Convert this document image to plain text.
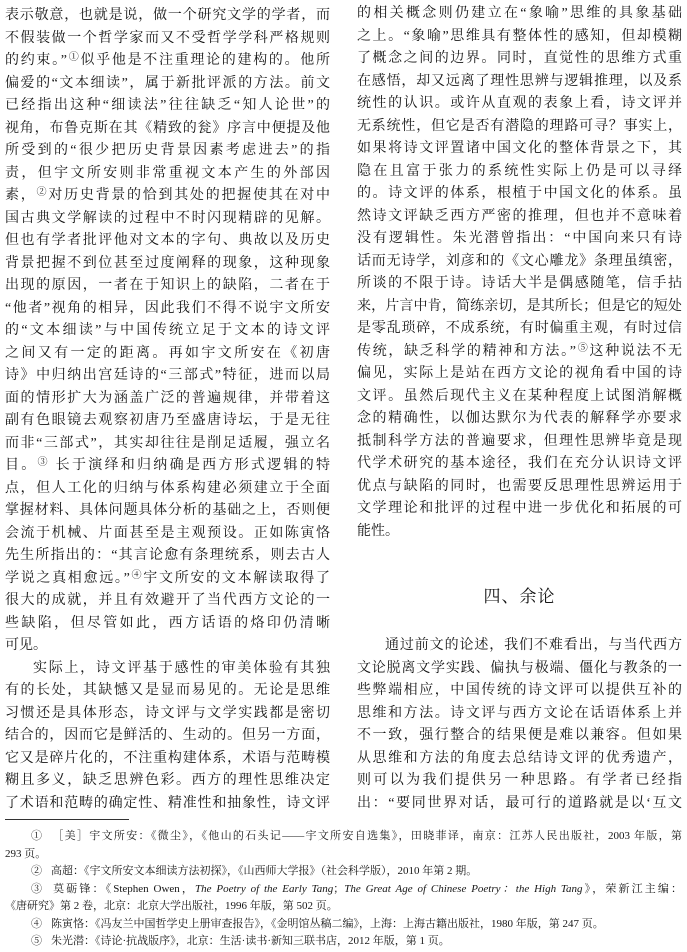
表示敬意，也就是说，做一个研究文学的学者，而
不假装做一个哲学家而又不受哲学学科严格规则
的约束。”①似乎他是不注重理论的建构的。他所
偏爱的“文本细读”，属于新批评派的方法。前文
已经指出这种“细读法”往往缺乏“知人论世”的
视角，布鲁克斯在其《精致的瓮》序言中便提及他
所受到的“很少把历史背景因素考虑进去”的指
责，但宇文所安则非常重视文本产生的外部因
素，②对历史背景的恰到其处的把握使其在对中
国古典文学解读的过程中不时闪现精辟的见解。
但也有学者批评他对文本的字句、典故以及历史
背景把握不到位甚至过度阐释的现象，这种现象
出现的原因，一者在于知识上的缺陷，二者在于
“他者”视角的相异，因此我们不得不说宇文所安
的“文本细读”与中国传统立足于文本的诗文评
之间又有一定的距离。再如宇文所安在《初唐
诗》中归纳出宫廷诗的“三部式”特征，进而以局
面的情形扩大为涵盖广泛的普遍规律，并带着这
副有色眼镜去观察初唐乃至盛唐诗坛，于是无往
而非“三部式”，其实却往往是削足适履，强立名
目。③ 长于演绎和归纳确是西方形式逻辑的特
点，但人工化的归纳与体系构建必须建立于全面
掌握材料、具体问题具体分析的基础之上，否则便
会流于机械、片面甚至是主观预设。正如陈寅恪
先生所指出的：“其言论愈有条理统系，则去古人
学说之真相愈远。”④宇文所安的文本解读取得了
很大的成就，并且有效避开了当代西方文论的一
些缺陷，但尽管如此，西方话语的烙印仍清晰
可见。
实际上，诗文评基于感性的审美体验有其独
有的长处，其缺憾又是显而易见的。无论是思维
习惯还是具体形态，诗文评与文学实践都是密切
结合的，因而它是鲜活的、生动的。但另一方面，
它又是碎片化的，不注重构建体系，术语与范畴模
糊且多义，缺乏思辨色彩。西方的理性思维决定
了术语和范畴的确定性、精准性和抽象性，诗文评
的相关概念则仍建立在“象喻”思维的具象基础
之上。“象喻”思维具有整体性的感知，但却模糊
了概念之间的边界。同时，直觉性的思维方式重
在感悟，却又远离了理性思辨与逻辑推理，以及系
统性的认识。或许从直观的表象上看，诗文评并
无系统性，但它是否有潜隐的理路可寻？事实上，
如果将诗文评置诸中国文化的整体背景之下，其
隐在且富于张力的系统性实际上仍是可以寻绎
的。诗文评的体系，根植于中国文化的体系。虽
然诗文评缺乏西方严密的推理，但也并不意味着
没有逻辑性。朱光潜曾指出：“中国向来只有诗
话而无诗学，刘彦和的《文心雕龙》条理虽缜密，
所谈的不限于诗。诗话大半是偶感随笔，信手拈
来，片言中肯，简练亲切，是其所长；但是它的短处
是零乱琐碎，不成系统，有时偏重主观，有时过信
传统，缺乏科学的精神和方法。”⑤这种说法不无
偏见，实际上是站在西方文论的视角看中国的诗
文评。虽然后现代主义在某种程度上试图消解概
念的精确性，以伽达默尔为代表的解释学亦要求
抵制科学方法的普遍要求，但理性思辨毕竟是现
代学术研究的基本途径，我们在充分认识诗文评
优点与缺陷的同时，也需要反思理性思辨运用于
文学理论和批评的过程中进一步优化和拓展的可
能性。
四、余论
通过前文的论述，我们不难看出，与当代西方
文论脱离文学实践、偏执与极端、僵化与教条的一
些弊端相应，中国传统的诗文评可以提供互补的
思维和方法。诗文评与西方文论在话语体系上并
不一致，强行整合的结果便是难以兼容。但如果
从思维和方法的角度去总结诗文评的优秀遗产，
则可以为我们提供另一种思路。有学者已经指
出：“要同世界对话，最可行的道路就是以‘互文
① ［美］宇文所安：《微尘》，《他山的石头记——宇文所安自选集》，田晓菲译，南京：江苏人民出版社，2003 年版，第
293 页。
② 高超：《宇文所安文本细读方法初探》，《山西师大学报》（社会科学版），2010 年第 2 期。
③ 莫砺锋：《Stephen Owen，The Poetry of the Early Tang；The Great Age of Chinese Poetry：the High Tang》，荣新江主编：
《唐研究》第 2 卷，北京：北京大学出版社，1996 年版，第 502 页。
④ 陈寅恪：《冯友兰中国哲学史上册审查报告》，《金明馆丛稿二编》，上海：上海古籍出版社，1980 年版，第 247 页。
⑤ 朱光潜：《诗论·抗战版序》，北京：生活·读书·新知三联书店，2012 年版，第 1 页。
